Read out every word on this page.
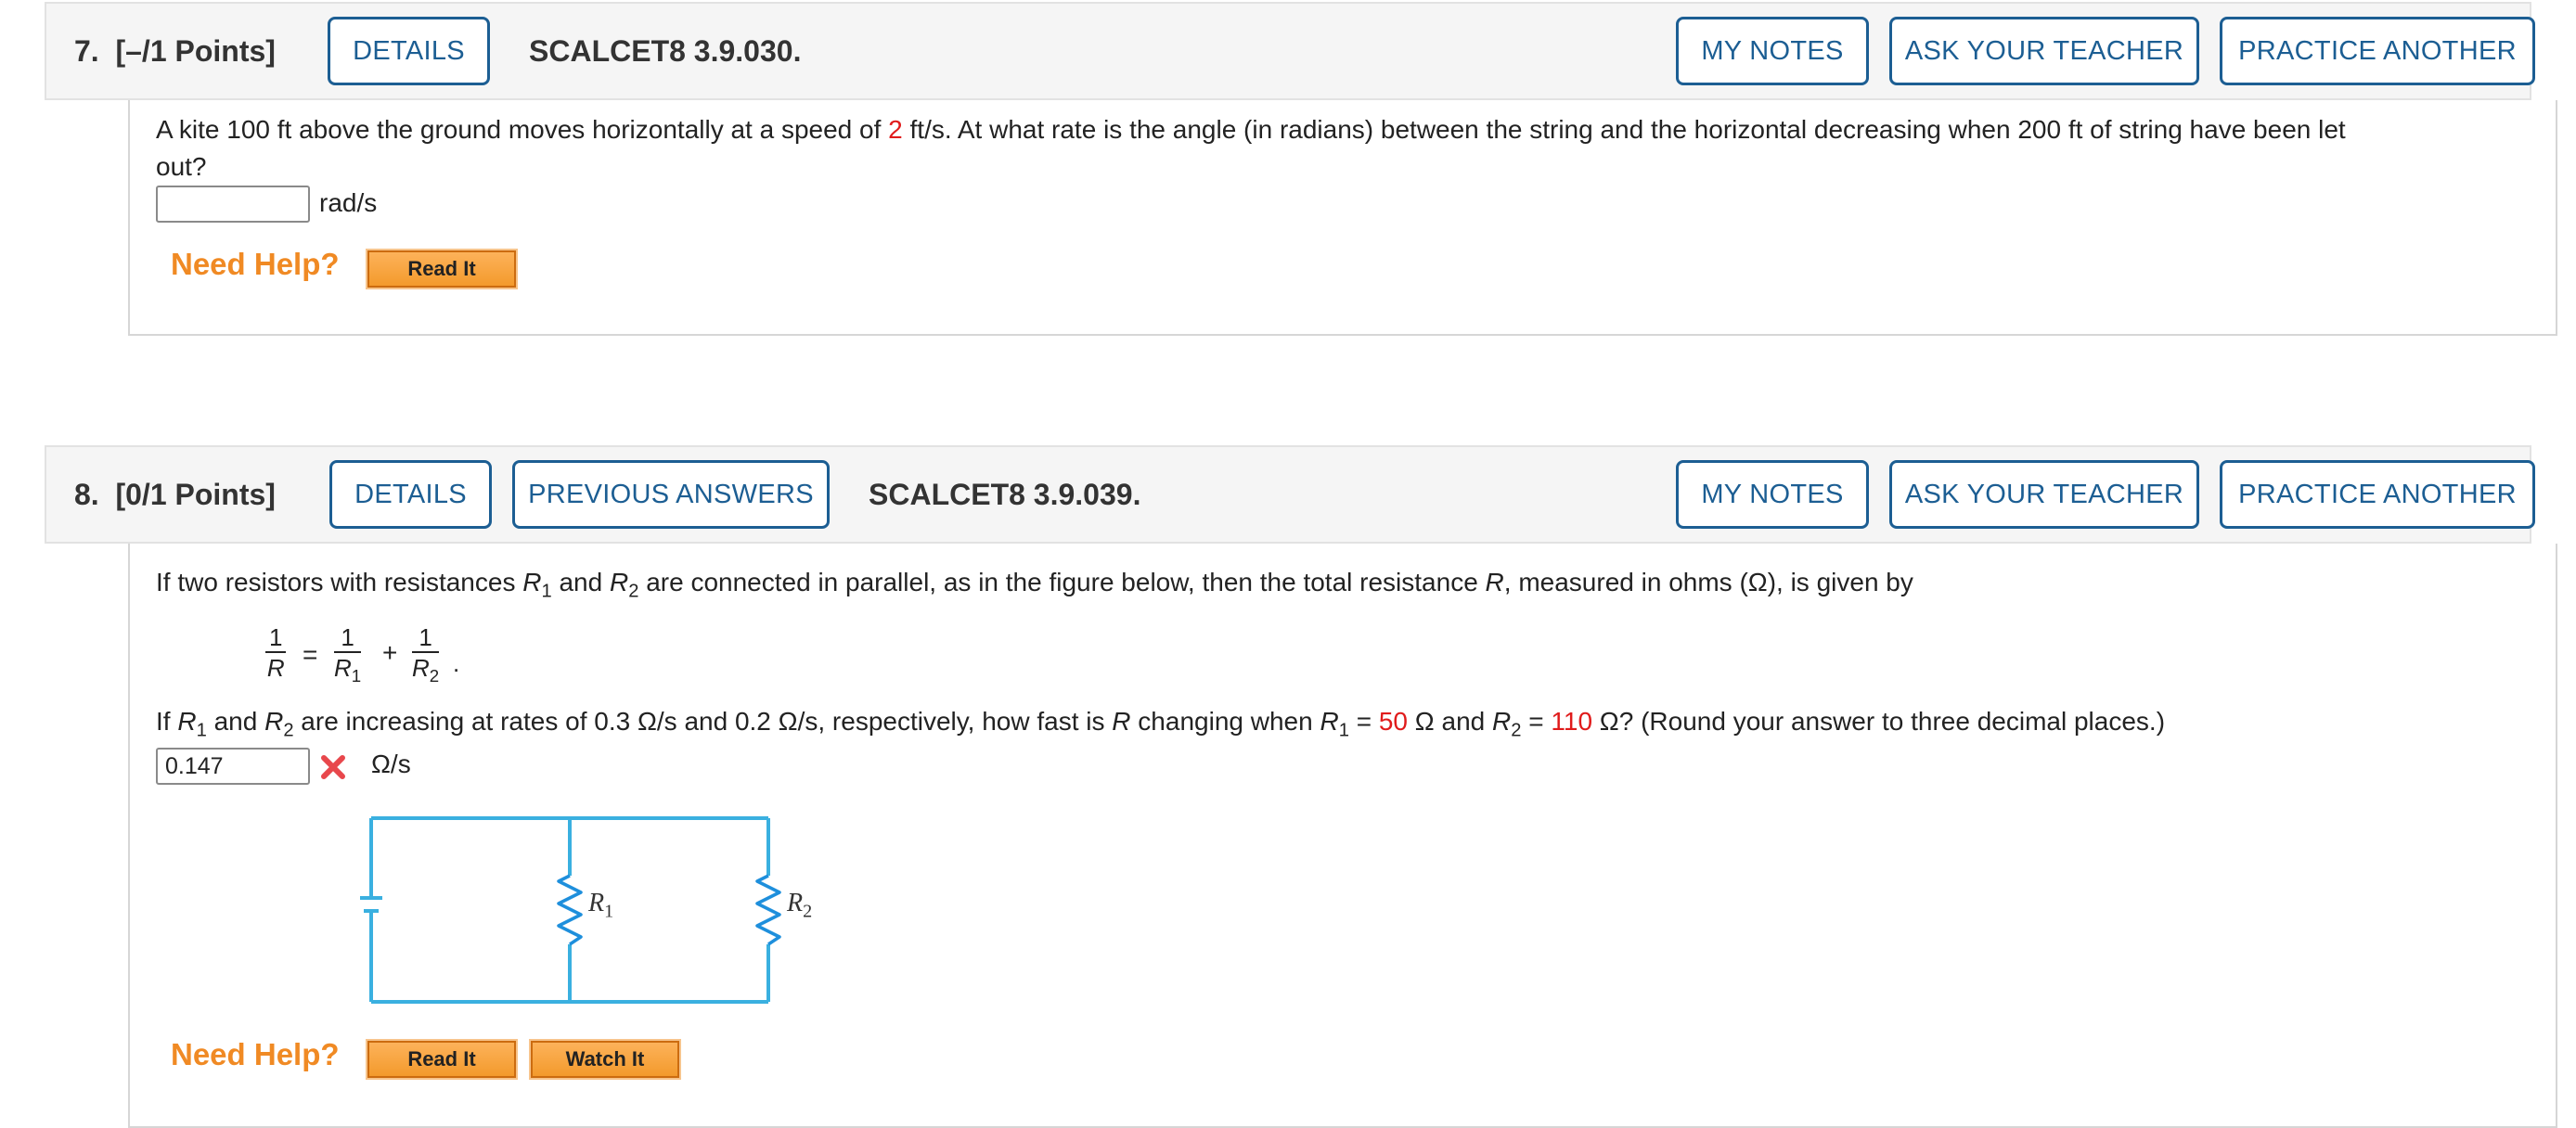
7.
[–/1 Points]	DETAILS	SCALCET8 3.9.030.	MY NOTES	ASK YOUR TEACHER	PRACTICE ANOTHER
A kite 100 ft above the ground moves horizontally at a speed of 2 ft/s. At what rate is the angle (in radians) between the string and the horizontal decreasing when 200 ft of string have been let
out?
rad/s
Need Help?	Read It
8.
[0/1 Points]	DETAILS	PREVIOUS ANSWERS	SCALCET8 3.9.039.	MY NOTES	ASK YOUR TEACHER	PRACTICE ANOTHER
If two resistors with resistances $R_1$ and $R_2$ are connected in parallel, as in the figure below, then the total resistance R, measured in ohms (Ω), is given by
$\frac{1}{R} = \frac{1}{R_1} + \frac{1}{R_2}$ .
If $R_1$ and $R_2$ are increasing at rates of 0.3 Ω/s and 0.2 Ω/s, respectively, how fast is R changing when $R_1 = 50$ Ω and $R_2 = 110$ Ω? (Round your answer to three decimal places.)
0.147	Ω/s
$R_1$	$R_2$
Need Help?	Read It	Watch It
